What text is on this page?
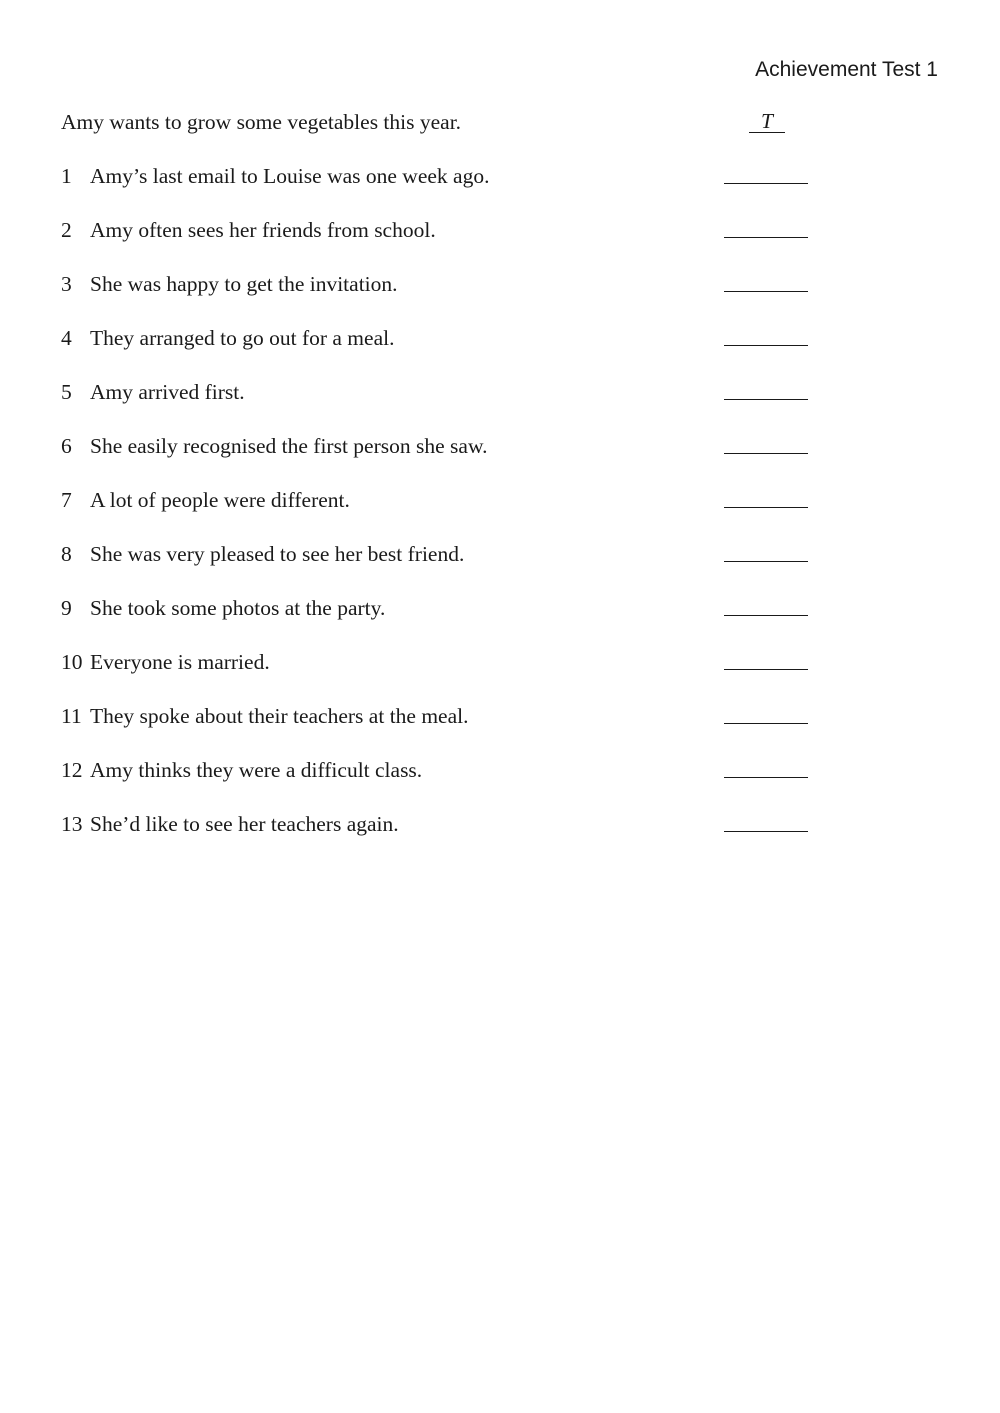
Achievement Test 1
Amy wants to grow some vegetables this year.	T
1 Amy’s last email to Louise was one week ago.
2 Amy often sees her friends from school.
3 She was happy to get the invitation.
4 They arranged to go out for a meal.
5 Amy arrived first.
6 She easily recognised the first person she saw.
7 A lot of people were different.
8 She was very pleased to see her best friend.
9 She took some photos at the party.
10 Everyone is married.
11 They spoke about their teachers at the meal.
12 Amy thinks they were a difficult class.
13 She’d like to see her teachers again.
